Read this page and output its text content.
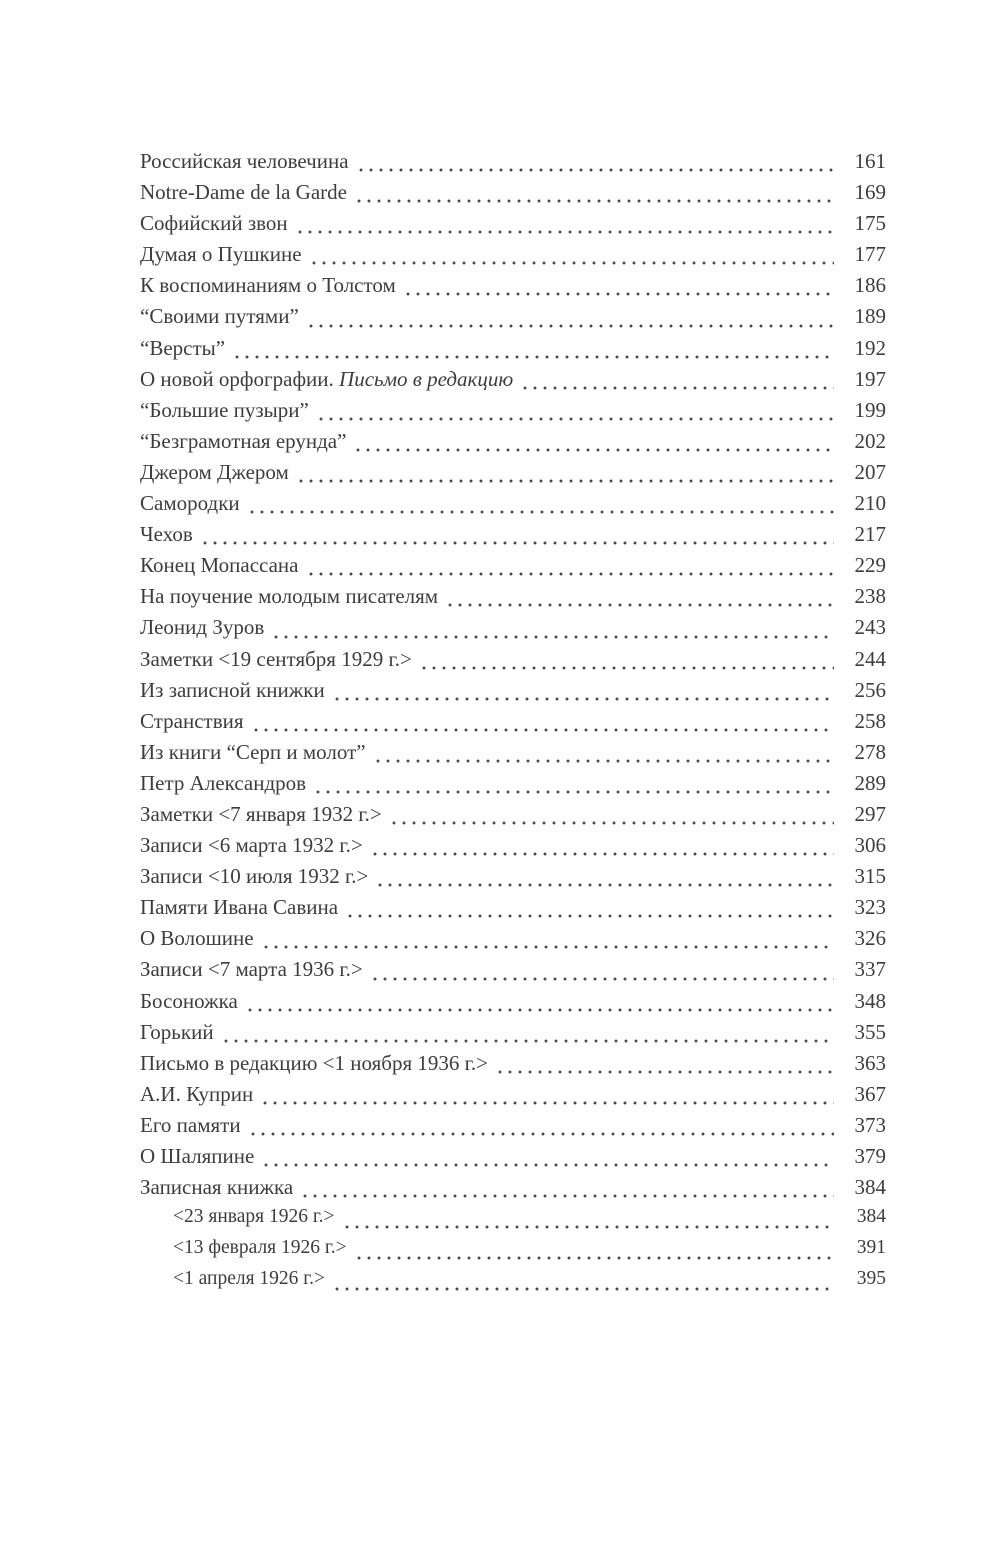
Российская человечина	161
Notre-Dame de la Garde	169
Софийский звон	175
Думая о Пушкине	177
К воспоминаниям о Толстом	186
“Своими путями”	189
“Версты”	192
О новой орфографии. Письмо в редакцию	197
“Большие пузыри”	199
“Безграмотная ерунда”	202
Джером Джером	207
Самородки	210
Чехов	217
Конец Мопассана	229
На поучение молодым писателям	238
Леонид Зуров	243
Заметки <19 сентября 1929 г.>	244
Из записной книжки	256
Странствия	258
Из книги “Серп и молот”	278
Петр Александров	289
Заметки <7 января 1932 г.>	297
Записи <6 марта 1932 г.>	306
Записи <10 июля 1932 г.>	315
Памяти Ивана Савина	323
О Волошине	326
Записи <7 марта 1936 г.>	337
Босоножка	348
Горький	355
Письмо в редакцию <1 ноября 1936 г.>	363
А.И. Куприн	367
Его памяти	373
О Шаляпине	379
Записная книжка	384
<23 января 1926 г.>	384
<13 февраля 1926 г.>	391
<1 апреля 1926 г.>	395
